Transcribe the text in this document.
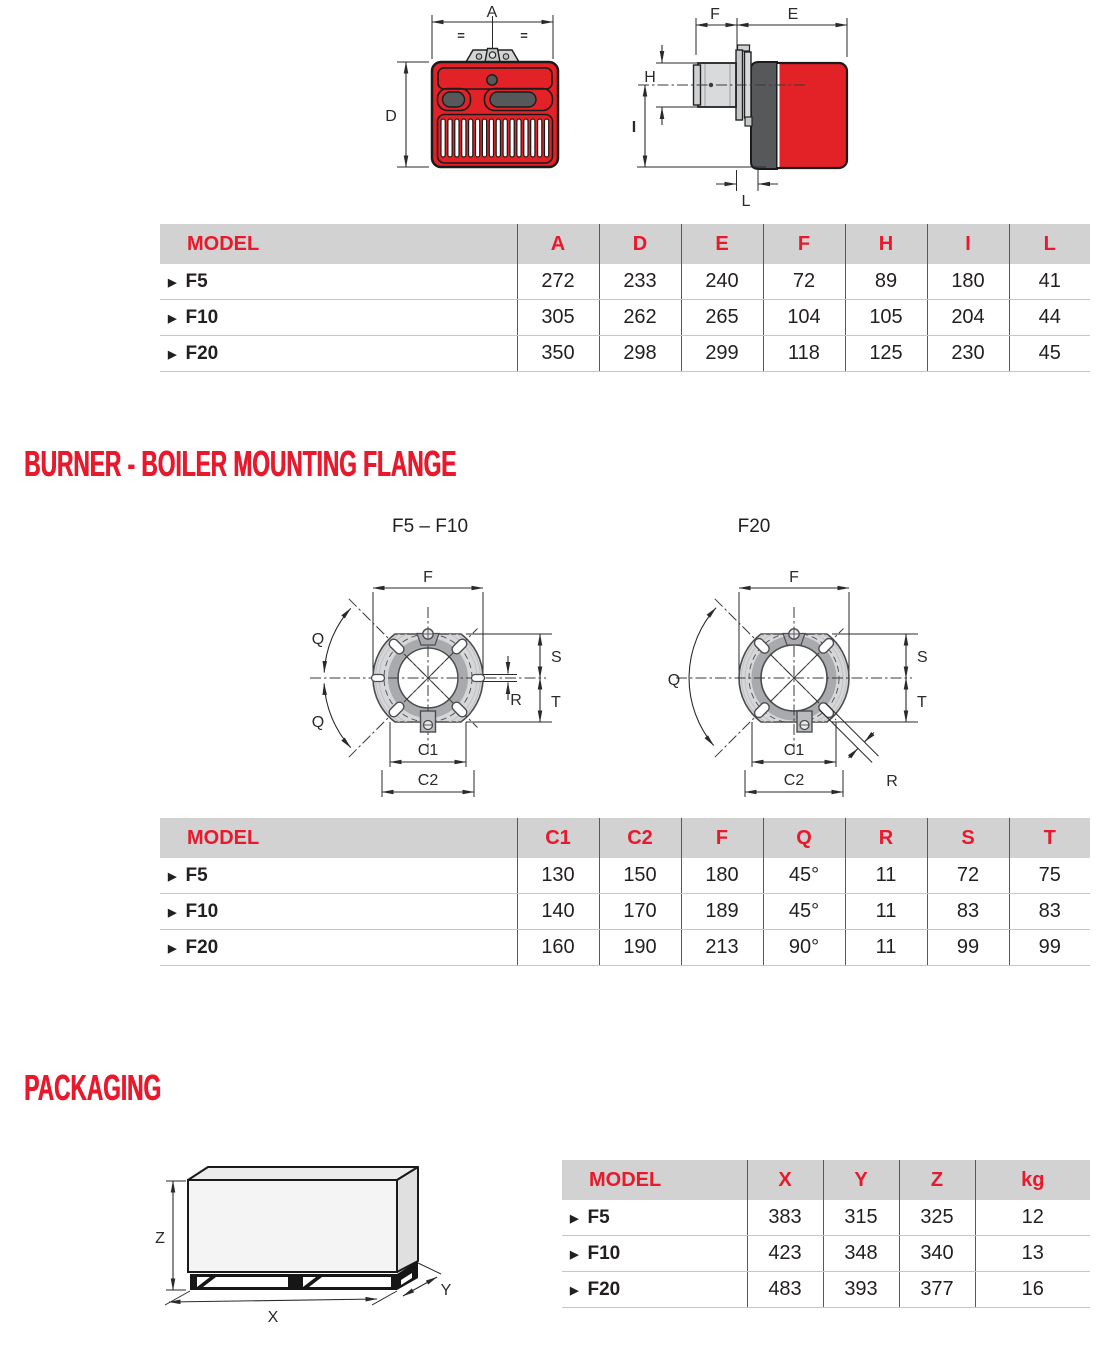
A
=	=
D
F	E
H
I
L
MODEL	A	D	E	F	H	I	L
▶ F5	272	233	240	72	89	180	41
▶ F10	305	262	265	104	105	204	44
▶ F20	350	298	299	118	125	230	45
BURNER - BOILER MOUNTING FLANGE
F5 – F10	F20
F
Q
Q
S
T
R
C1
C2
F
Q
S
T
R
C1
C2
MODEL	C1	C2	F	Q	R	S	T
▶ F5	130	150	180	45°	11	72	75
▶ F10	140	170	189	45°	11	83	83
▶ F20	160	190	213	90°	11	99	99
PACKAGING
Z
X
Y
MODEL	X	Y	Z	kg
▶ F5	383	315	325	12
▶ F10	423	348	340	13
▶ F20	483	393	377	16
